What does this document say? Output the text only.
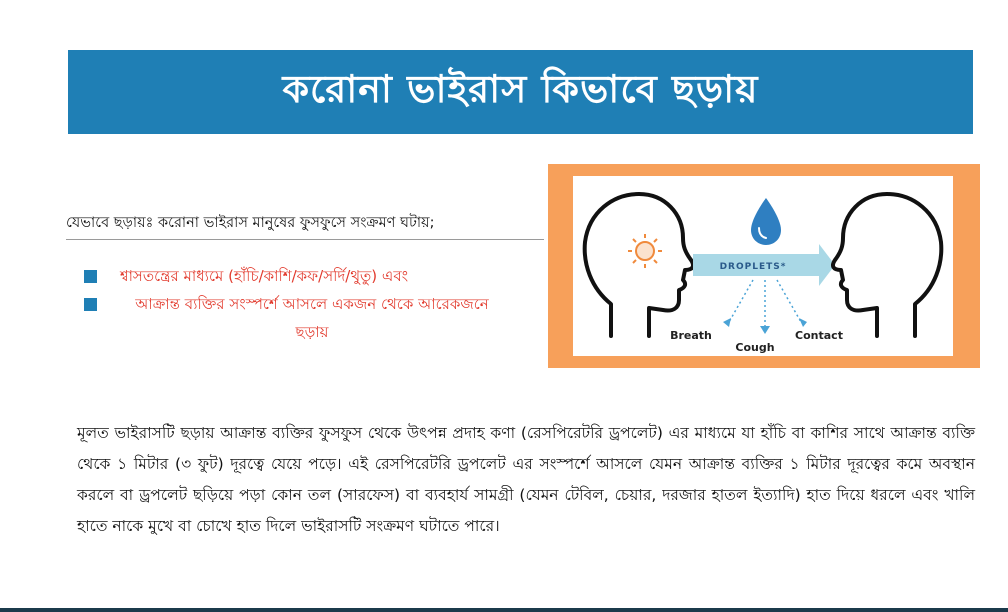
করোনা ভাইরাস কিভাবে ছড়ায়
যেভাবে ছড়ায়ঃ করোনা ভাইরাস মানুষের ফুসফুসে সংক্রমণ ঘটায়;
শ্বাসতন্ত্রের মাধ্যমে (হাঁচি/কাশি/কফ/সর্দি/থুতু) এবং
আক্রান্ত ব্যক্তির সংস্পর্শে আসলে একজন থেকে আরেকজনে ছড়ায়
DROPLETS*
Breath
Cough
Contact

মূলত ভাইরাসটি ছড়ায় আক্রান্ত ব্যক্তির ফুসফুস থেকে উৎপন্ন প্রদাহ কণা (রেসপিরেটরি ড্রপলেট) এর মাধ্যমে যা হাঁচি বা কাশির সাথে আক্রান্ত ব্যক্তি থেকে ১ মিটার (৩ ফুট) দূরত্বে যেয়ে পড়ে। এই রেসপিরেটরি ড্রপলেট এর সংস্পর্শে আসলে যেমন আক্রান্ত ব্যক্তির ১ মিটার দূরত্বের কমে অবস্থান করলে বা ড্রপলেট ছড়িয়ে পড়া কোন তল (সারফেস) বা ব্যবহার্য সামগ্রী (যেমন টেবিল, চেয়ার, দরজার হাতল ইত্যাদি) হাত দিয়ে ধরলে এবং খালি হাতে নাকে মুখে বা চোখে হাত দিলে ভাইরাসটি সংক্রমণ ঘটাতে পারে।
